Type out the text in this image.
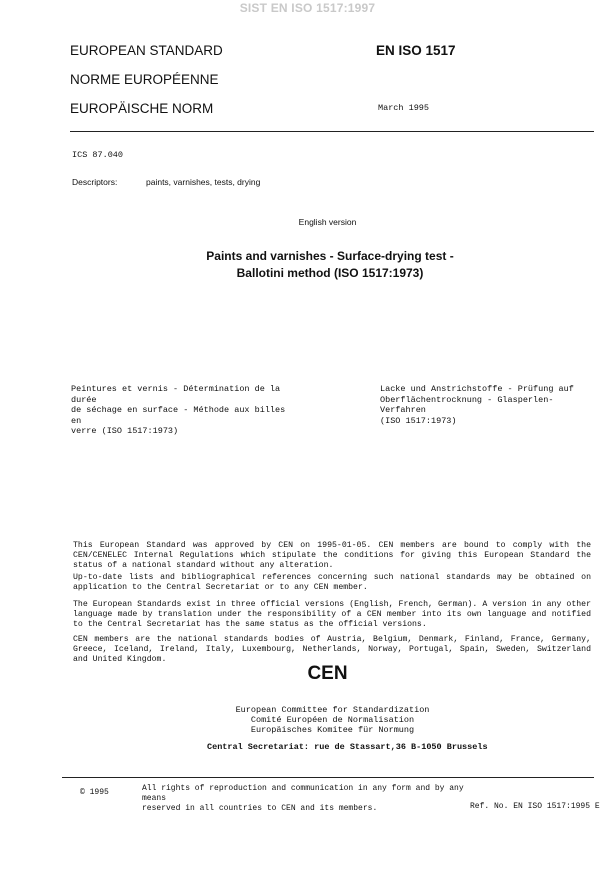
SIST EN ISO 1517:1997
EUROPEAN STANDARD
NORME EUROPÉENNE
EUROPÄISCHE NORM
EN ISO 1517
March 1995
ICS 87.040
Descriptors:	paints, varnishes, tests, drying
English version
Paints and varnishes - Surface-drying test -
Ballotini method (ISO 1517:1973)
Peintures et vernis - Détermination de la durée
de séchage en surface - Méthode aux billes en
verre (ISO 1517:1973)
Lacke und Anstrichstoffe - Prüfung auf
Oberflächentrocknung - Glasperlen-Verfahren
(ISO 1517:1973)
This European Standard was approved by CEN on 1995-01-05. CEN members are bound to comply with the CEN/CENELEC Internal Regulations which stipulate the conditions for giving this European Standard the status of a national standard without any alteration.
Up-to-date lists and bibliographical references concerning such national standards may be obtained on application to the Central Secretariat or to any CEN member.
The European Standards exist in three official versions (English, French, German). A version in any other language made by translation under the responsibility of a CEN member into its own language and notified to the Central Secretariat has the same status as the official versions.
CEN members are the national standards bodies of Austria, Belgium, Denmark, Finland, France, Germany, Greece, Iceland, Ireland, Italy, Luxembourg, Netherlands, Norway, Portugal, Spain, Sweden, Switzerland and United Kingdom.
CEN
European Committee for Standardization
Comité Européen de Normalisation
Europäisches Komitee für Normung
Central Secretariat: rue de Stassart,36 B-1050 Brussels
© 1995	All rights of reproduction and communication in any form and by any means
reserved in all countries to CEN and its members.	Ref. No. EN ISO 1517:1995 E
